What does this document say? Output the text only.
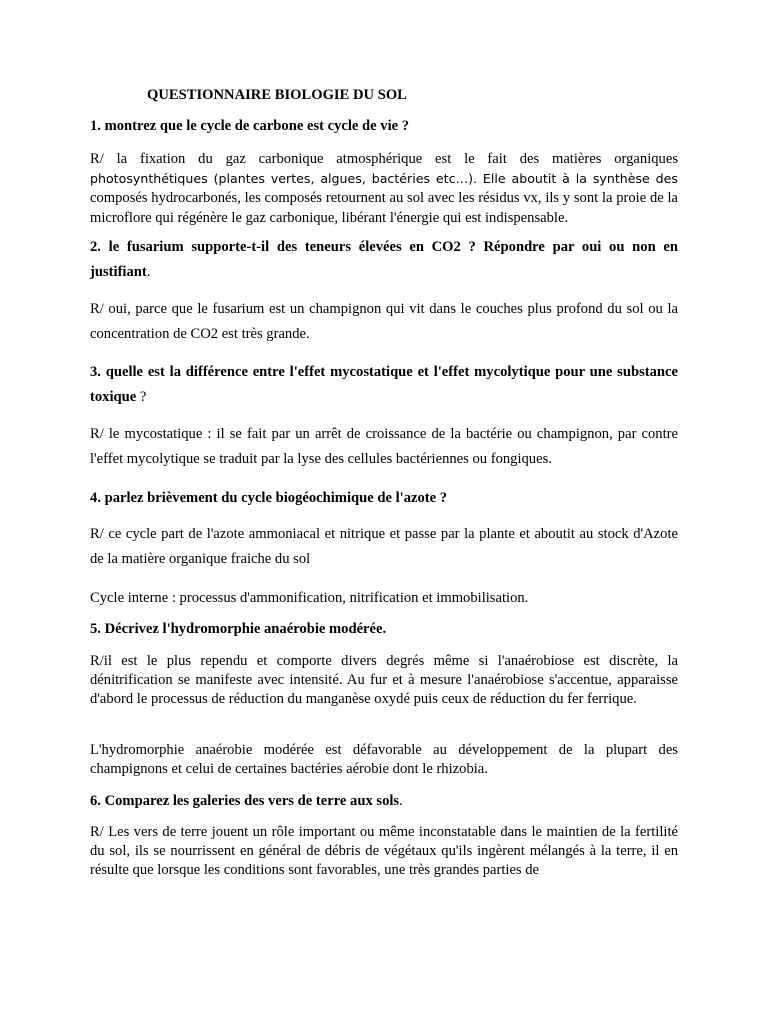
QUESTIONNAIRE BIOLOGIE DU SOL

1. montrez que le cycle de carbone est cycle de vie ?

R/ la fixation du gaz carbonique atmosphérique est le fait des matières organiques photosynthétiques (plantes vertes, algues, bactéries etc…). Elle aboutit à la synthèse des composés hydrocarbonés, les composés retournent au sol avec les résidus vx, ils y sont la proie de la microflore qui régénère le gaz carbonique, libérant l'énergie qui est indispensable.

2. le fusarium supporte-t-il des teneurs élevées en CO2 ? Répondre par oui ou non en justifiant.

R/ oui, parce que le fusarium est un champignon qui vit dans le couches plus profond du sol ou la concentration de CO2 est très grande.

3. quelle est la différence entre l'effet mycostatique et l'effet mycolytique pour une substance toxique ?

R/ le mycostatique : il se fait par un arrêt de croissance de la bactérie ou champignon, par contre l'effet mycolytique se traduit par la lyse des cellules bactériennes ou fongiques.

4. parlez brièvement du cycle biogéochimique de l'azote ?

R/ ce cycle part de l'azote ammoniacal et nitrique et passe par la plante et aboutit au stock d'Azote de la matière organique fraiche du sol

Cycle interne : processus d'ammonification, nitrification et immobilisation.

5. Décrivez l'hydromorphie anaérobie modérée.

R/il est le plus rependu et comporte divers degrés même si l'anaérobiose est discrète, la dénitrification se manifeste avec intensité. Au fur et à mesure l'anaérobiose s'accentue, apparaisse d'abord le processus de réduction du manganèse oxydé puis ceux de réduction du fer ferrique.

L'hydromorphie anaérobie modérée est défavorable au développement de la plupart des champignons et celui de certaines bactéries aérobie dont le rhizobia.

6. Comparez les galeries des vers de terre aux sols.

R/ Les vers de terre jouent un rôle important ou même inconstatable dans le maintien de la fertilité du sol, ils se nourrissent en général de débris de végétaux qu'ils ingèrent mélangés à la terre, il en résulte que lorsque les conditions sont favorables, une très grandes parties de
